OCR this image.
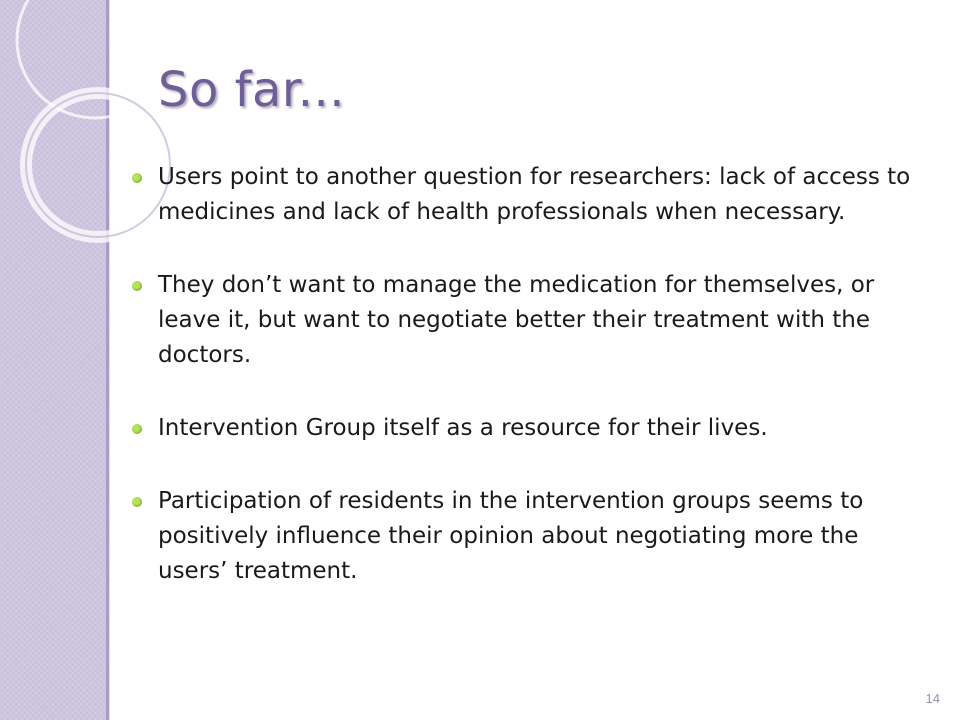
So far...
Users point to another question for researchers: lack of access to medicines and lack of health professionals when necessary.
They don’t want to manage the medication for themselves, or leave it, but want to negotiate better their treatment with the doctors.
Intervention Group itself as a resource for their lives.
Participation of residents in the intervention groups seems to positively influence their opinion about negotiating more the users’ treatment.
14
